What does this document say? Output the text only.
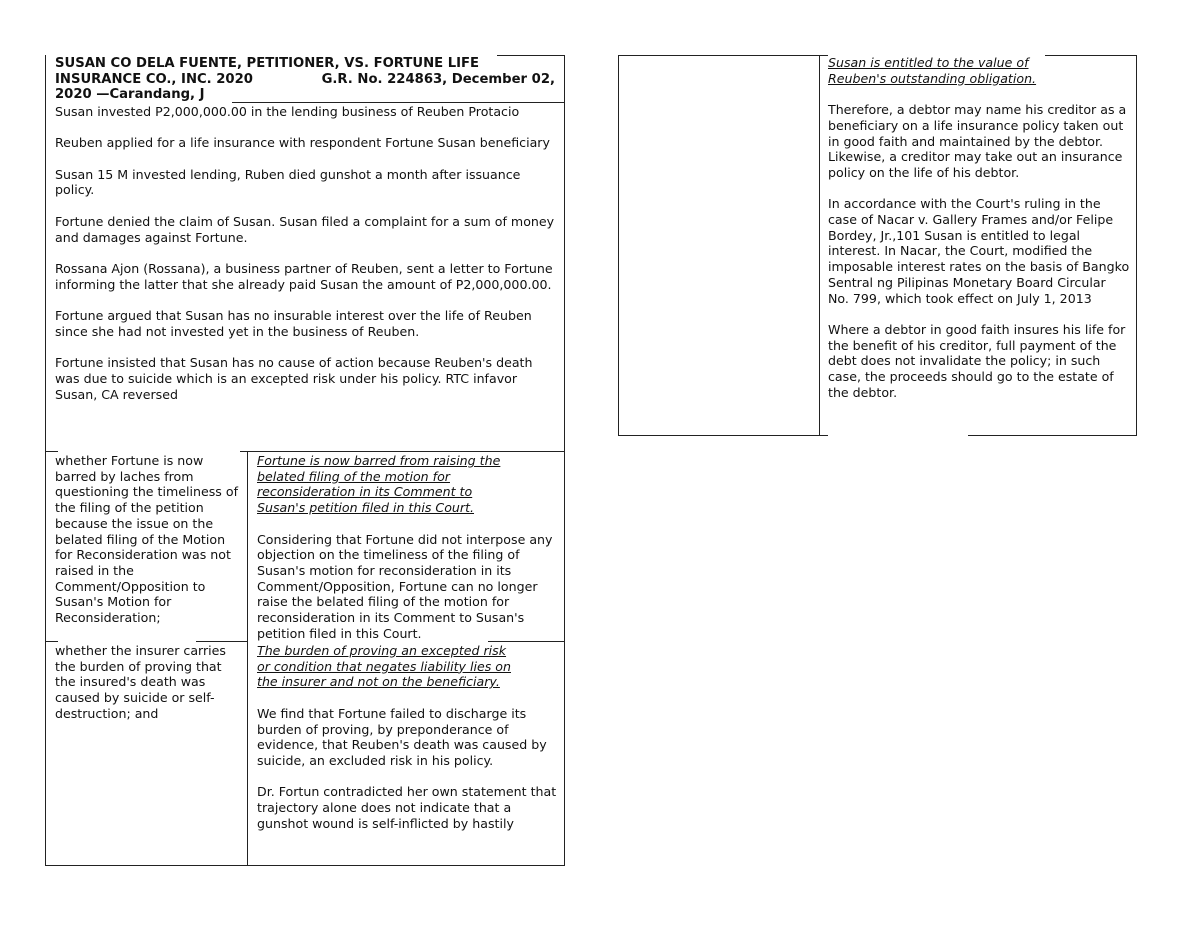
SUSAN CO DELA FUENTE, PETITIONER, VS. FORTUNE LIFE
INSURANCE CO., INC. 2020	G.R. No. 224863, December 02,
2020 —Carandang, J

Susan invested P2,000,000.00 in the lending business of Reuben Protacio

Reuben applied for a life insurance with respondent Fortune Susan beneficiary

Susan 15 M invested lending, Ruben died gunshot a month after issuance policy.

Fortune denied the claim of Susan. Susan filed a complaint for a sum of money and damages against Fortune.

Rossana Ajon (Rossana), a business partner of Reuben, sent a letter to Fortune informing the latter that she already paid Susan the amount of P2,000,000.00.

Fortune argued that Susan has no insurable interest over the life of Reuben since she had not invested yet in the business of Reuben.

Fortune insisted that Susan has no cause of action because Reuben's death was due to suicide which is an excepted risk under his policy. RTC infavor Susan, CA reversed

whether Fortune is now barred by laches from questioning the timeliness of the filing of the petition because the issue on the belated filing of the Motion for Reconsideration was not raised in the Comment/Opposition to Susan's Motion for Reconsideration;

Fortune is now barred from raising the belated filing of the motion for reconsideration in its Comment to Susan's petition filed in this Court.

Considering that Fortune did not interpose any objection on the timeliness of the filing of Susan's motion for reconsideration in its Comment/Opposition, Fortune can no longer raise the belated filing of the motion for reconsideration in its Comment to Susan's petition filed in this Court.

whether the insurer carries the burden of proving that the insured's death was caused by suicide or self-destruction; and

The burden of proving an excepted risk or condition that negates liability lies on the insurer and not on the beneficiary.

We find that Fortune failed to discharge its burden of proving, by preponderance of evidence, that Reuben's death was caused by suicide, an excluded risk in his policy.

Dr. Fortun contradicted her own statement that trajectory alone does not indicate that a gunshot wound is self-inflicted by hastily

Susan is entitled to the value of Reuben's outstanding obligation.

Therefore, a debtor may name his creditor as a beneficiary on a life insurance policy taken out in good faith and maintained by the debtor. Likewise, a creditor may take out an insurance policy on the life of his debtor.

In accordance with the Court's ruling in the case of Nacar v. Gallery Frames and/or Felipe Bordey, Jr.,101 Susan is entitled to legal interest. In Nacar, the Court, modified the imposable interest rates on the basis of Bangko Sentral ng Pilipinas Monetary Board Circular No. 799, which took effect on July 1, 2013

Where a debtor in good faith insures his life for the benefit of his creditor, full payment of the debt does not invalidate the policy; in such case, the proceeds should go to the estate of the debtor.
